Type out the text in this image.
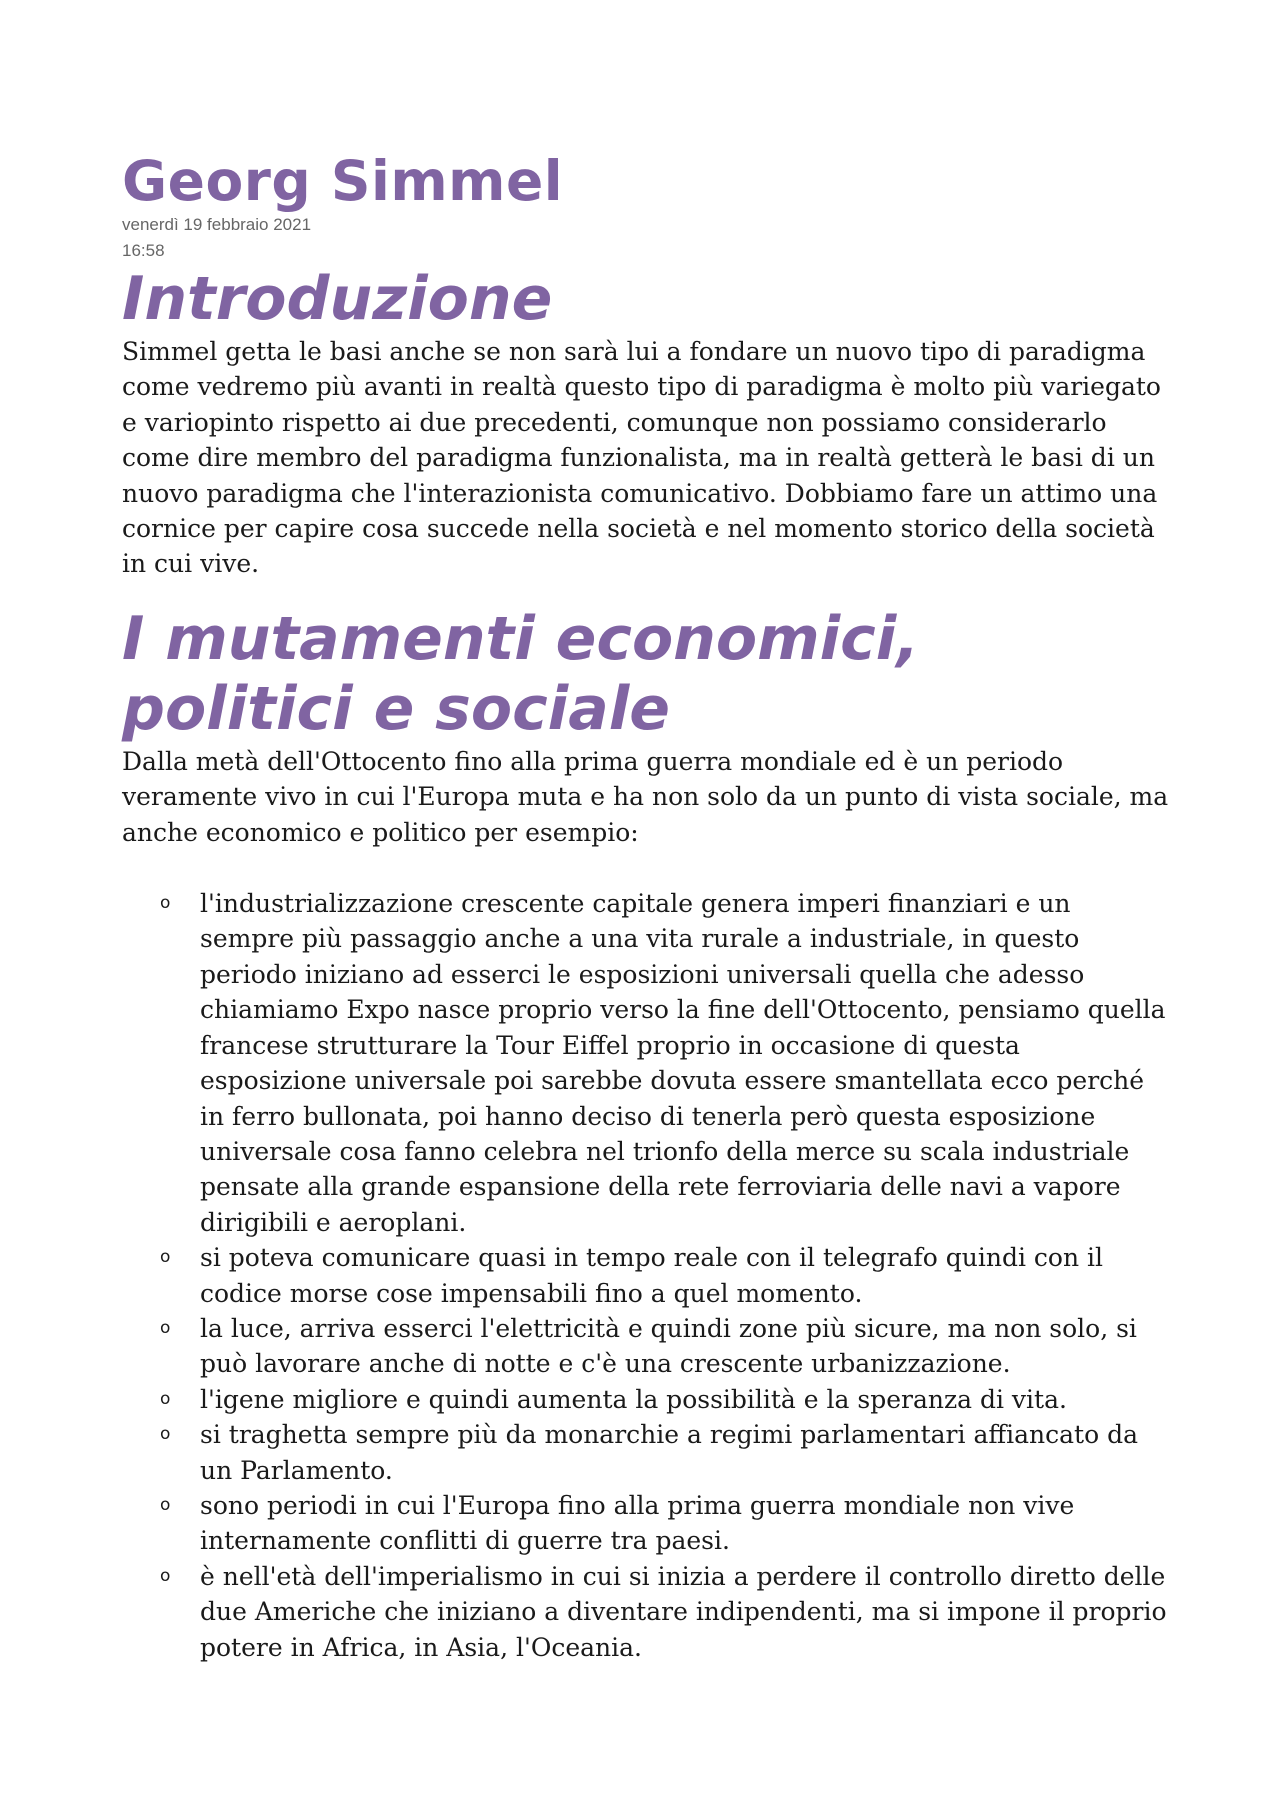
Georg Simmel

venerdì 19 febbraio 2021

16:58

Introduzione

Simmel getta le basi anche se non sarà lui a fondare un nuovo tipo di paradigma come vedremo più avanti in realtà questo tipo di paradigma è molto più variegato e variopinto rispetto ai due precedenti, comunque non possiamo considerarlo come dire membro del paradigma funzionalista, ma in realtà getterà le basi di un nuovo paradigma che l'interazionista comunicativo. Dobbiamo fare un attimo una cornice per capire cosa succede nella società e nel momento storico della società in cui vive.

I mutamenti economici,
politici e sociale

Dalla metà dell'Ottocento fino alla prima guerra mondiale ed è un periodo veramente vivo in cui l'Europa muta e ha non solo da un punto di vista sociale, ma anche economico e politico per esempio:

o l'industrializzazione crescente capitale genera imperi finanziari e un sempre più passaggio anche a una vita rurale a industriale, in questo periodo iniziano ad esserci le esposizioni universali quella che adesso chiamiamo Expo nasce proprio verso la fine dell'Ottocento, pensiamo quella francese strutturare la Tour Eiffel proprio in occasione di questa esposizione universale poi sarebbe dovuta essere smantellata ecco perché in ferro bullonata, poi hanno deciso di tenerla però questa esposizione universale cosa fanno celebra nel trionfo della merce su scala industriale pensate alla grande espansione della rete ferroviaria delle navi a vapore dirigibili e aeroplani.
o si poteva comunicare quasi in tempo reale con il telegrafo quindi con il codice morse cose impensabili fino a quel momento.
o la luce, arriva esserci l'elettricità e quindi zone più sicure, ma non solo, si può lavorare anche di notte e c'è una crescente urbanizzazione.
o l'igene migliore e quindi aumenta la possibilità e la speranza di vita.
o si traghetta sempre più da monarchie a regimi parlamentari affiancato da un Parlamento.
o sono periodi in cui l'Europa fino alla prima guerra mondiale non vive internamente conflitti di guerre tra paesi.
o è nell'età dell'imperialismo in cui si inizia a perdere il controllo diretto delle due Americhe che iniziano a diventare indipendenti, ma si impone il proprio potere in Africa, in Asia, l'Oceania.
